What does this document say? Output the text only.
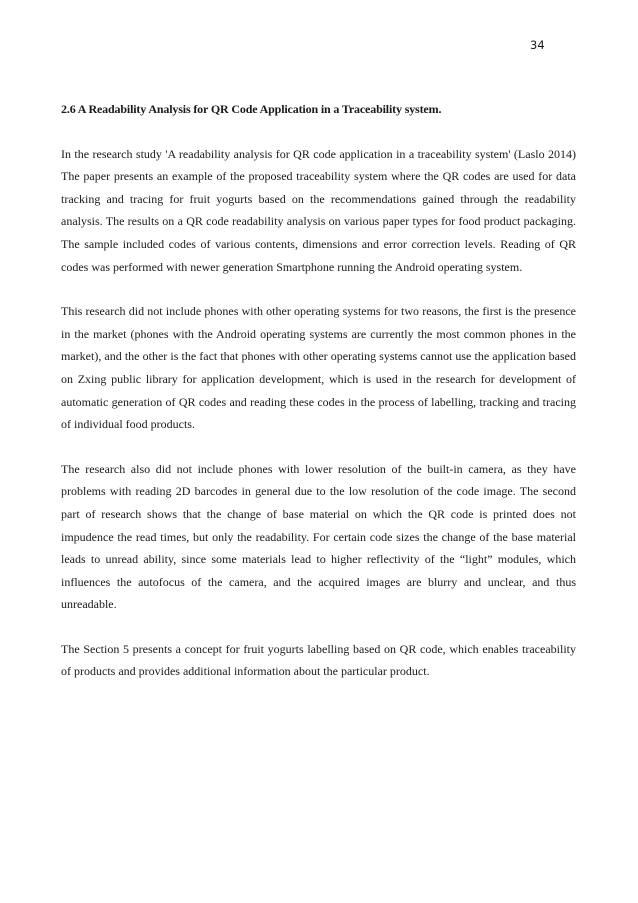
34

2.6 A Readability Analysis for QR Code Application in a Traceability system.

In the research study 'A readability analysis for QR code application in a traceability system' (Laslo 2014) The paper presents an example of the proposed traceability system where the QR codes are used for data tracking and tracing for fruit yogurts based on the recommendations gained through the readability analysis. The results on a QR code readability analysis on various paper types for food product packaging. The sample included codes of various contents, dimensions and error correction levels. Reading of QR codes was performed with newer generation Smartphone running the Android operating system.

This research did not include phones with other operating systems for two reasons, the first is the presence in the market (phones with the Android operating systems are currently the most common phones in the market), and the other is the fact that phones with other operating systems cannot use the application based on Zxing public library for application development, which is used in the research for development of automatic generation of QR codes and reading these codes in the process of labelling, tracking and tracing of individual food products.

The research also did not include phones with lower resolution of the built-in camera, as they have problems with reading 2D barcodes in general due to the low resolution of the code image. The second part of research shows that the change of base material on which the QR code is printed does not impudence the read times, but only the readability. For certain code sizes the change of the base material leads to unread ability, since some materials lead to higher reflectivity of the “light” modules, which influences the autofocus of the camera, and the acquired images are blurry and unclear, and thus unreadable.

The Section 5 presents a concept for fruit yogurts labelling based on QR code, which enables traceability of products and provides additional information about the particular product.
